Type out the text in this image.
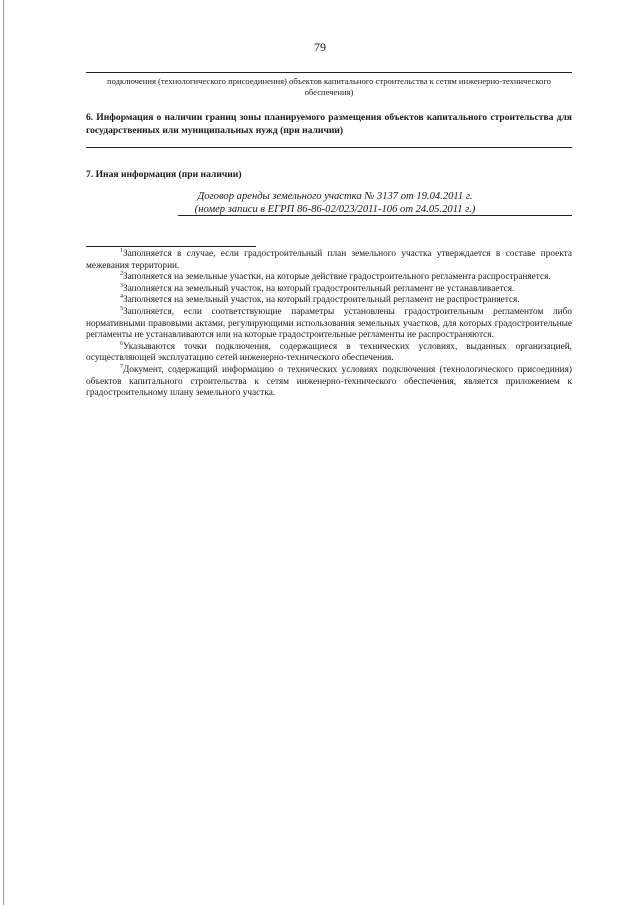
79
подключения (технологического присоединения) объектов капитального строительства к сетям инженерно-технического обеспечения)
6. Информация о наличии границ зоны планируемого размещения объектов капитального строительства для государственных или муниципальных нужд (при наличии)
7. Иная информация (при наличии)
Договор аренды земельного участка № 3137 от 19.04.2011 г.
(номер записи в ЕГРП 86-86-02/023/2011-106 от 24.05.2011 г.)

$^1$Заполняется в случае, если градостроительный план земельного участка утверждается в составе проекта межевания территории.

$^2$Заполняется на земельные участки, на которые действие градостроительного регламента распространяется.

$^3$Заполняется на земельный участок, на который градостроительный регламент не устанавливается.

$^4$Заполняется на земельный участок, на который градостроительный регламент не распространяется.

$^5$Заполняется, если соответствующие параметры установлены градостроительным регламентом либо нормативными правовыми актами, регулирующими использования земельных участков, для которых градостроительные регламенты не устанавливаются или на которые градостроительные регламенты не распространяются.

$^6$Указываются точки подключения, содержащиеся в технических условиях, выданных организацией, осуществляющей эксплуатацию сетей инженерно-технического обеспечения.

$^7$Документ, содержащий информацию о технических условиях подключения (технологического присоединия) объектов капитального строительства к сетям инженерно-технического обеспечения, является приложением к градостроительному плану земельного участка.
